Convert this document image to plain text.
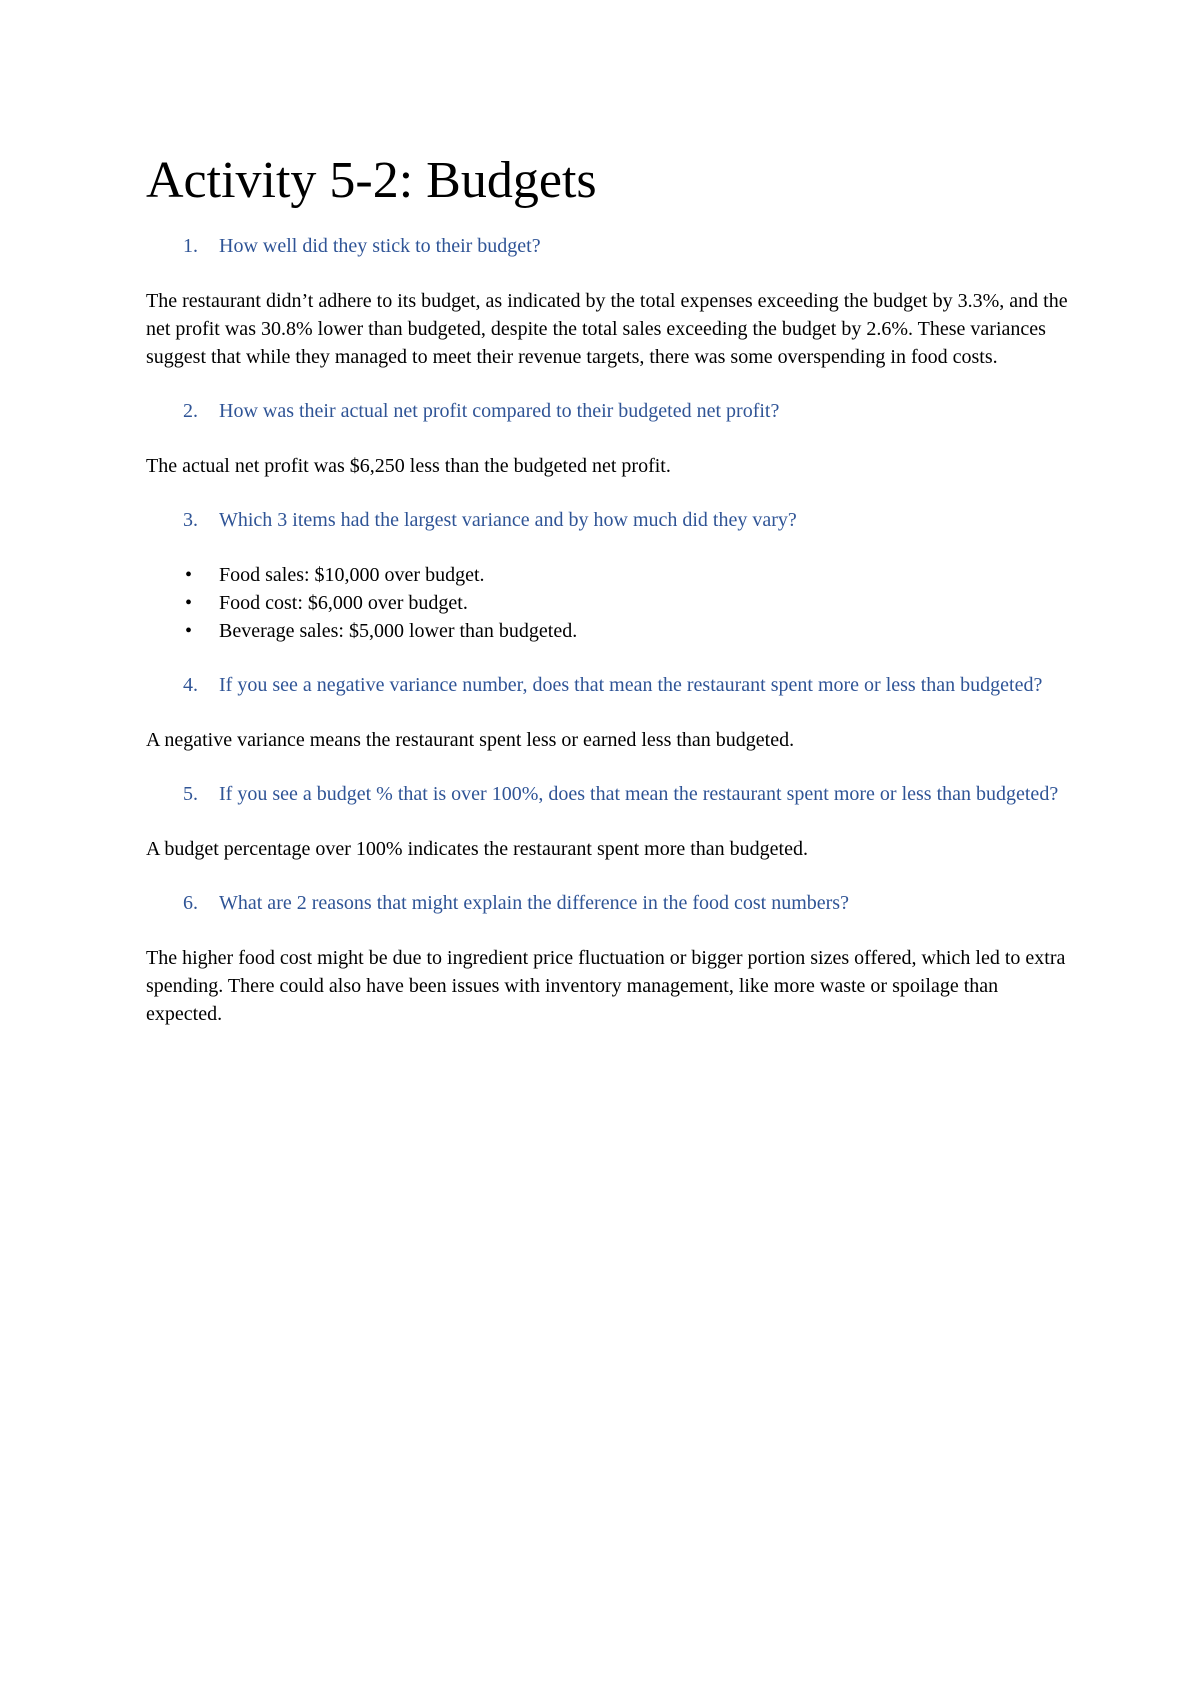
Activity 5-2: Budgets
1.	How well did they stick to their budget?

The restaurant didn’t adhere to its budget, as indicated by the total expenses exceeding the budget by 3.3%, and the net profit was 30.8% lower than budgeted, despite the total sales exceeding the budget by 2.6%. These variances suggest that while they managed to meet their revenue targets, there was some overspending in food costs.

2.	How was their actual net profit compared to their budgeted net profit?

The actual net profit was $6,250 less than the budgeted net profit.

3.	Which 3 items had the largest variance and by how much did they vary?
•	Food sales: $10,000 over budget.
•	Food cost: $6,000 over budget.
•	Beverage sales: $5,000 lower than budgeted.
4.	If you see a negative variance number, does that mean the restaurant spent more or less than budgeted?

A negative variance means the restaurant spent less or earned less than budgeted.

5.	If you see a budget % that is over 100%, does that mean the restaurant spent more or less than budgeted?

A budget percentage over 100% indicates the restaurant spent more than budgeted.

6.	What are 2 reasons that might explain the difference in the food cost numbers?

The higher food cost might be due to ingredient price fluctuation or bigger portion sizes offered, which led to extra spending. There could also have been issues with inventory management, like more waste or spoilage than expected.
